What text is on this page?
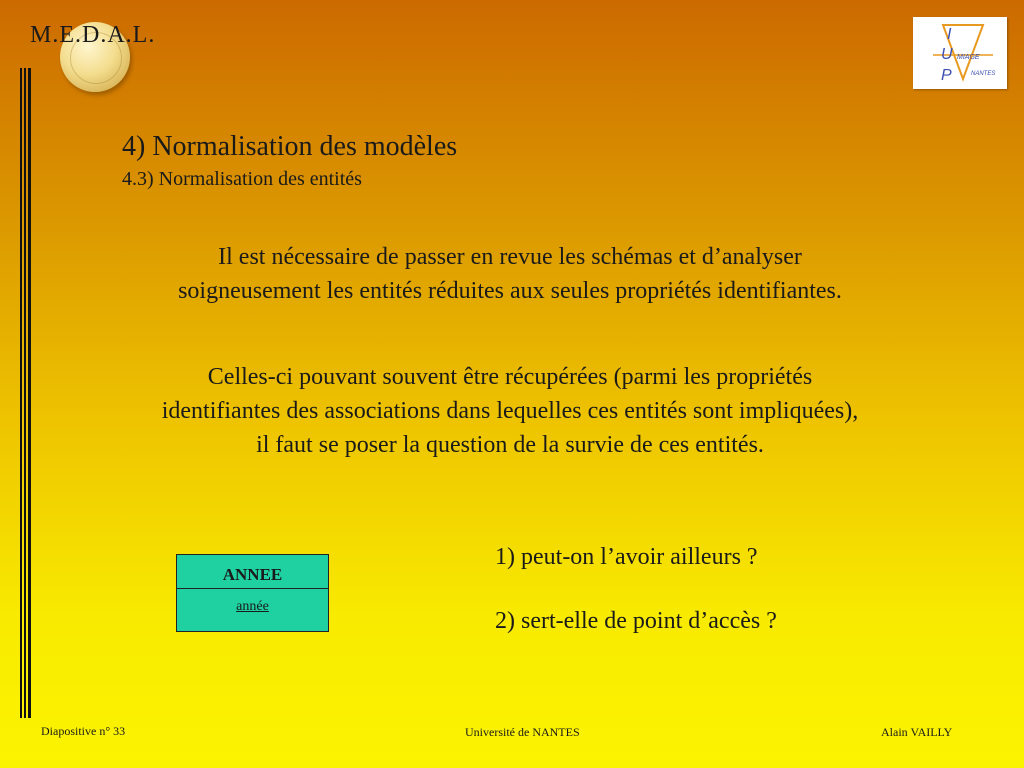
M.E.D.A.L.	I
U
P
MIAGE
NANTES
4) Normalisation des modèles
4.3) Normalisation des entités
Il est nécessaire de passer en revue les schémas et d’analyser soigneusement les entités réduites aux seules propriétés identifiantes.
Celles-ci pouvant souvent être récupérées (parmi les propriétés identifiantes des associations dans lequelles ces entités sont impliquées), il faut se poser la question de la survie de ces entités.
ANNEE
année
1) peut-on l’avoir ailleurs ?
2) sert-elle de point d’accès ?
Diapositive n° 33	Université de NANTES	Alain VAILLY
